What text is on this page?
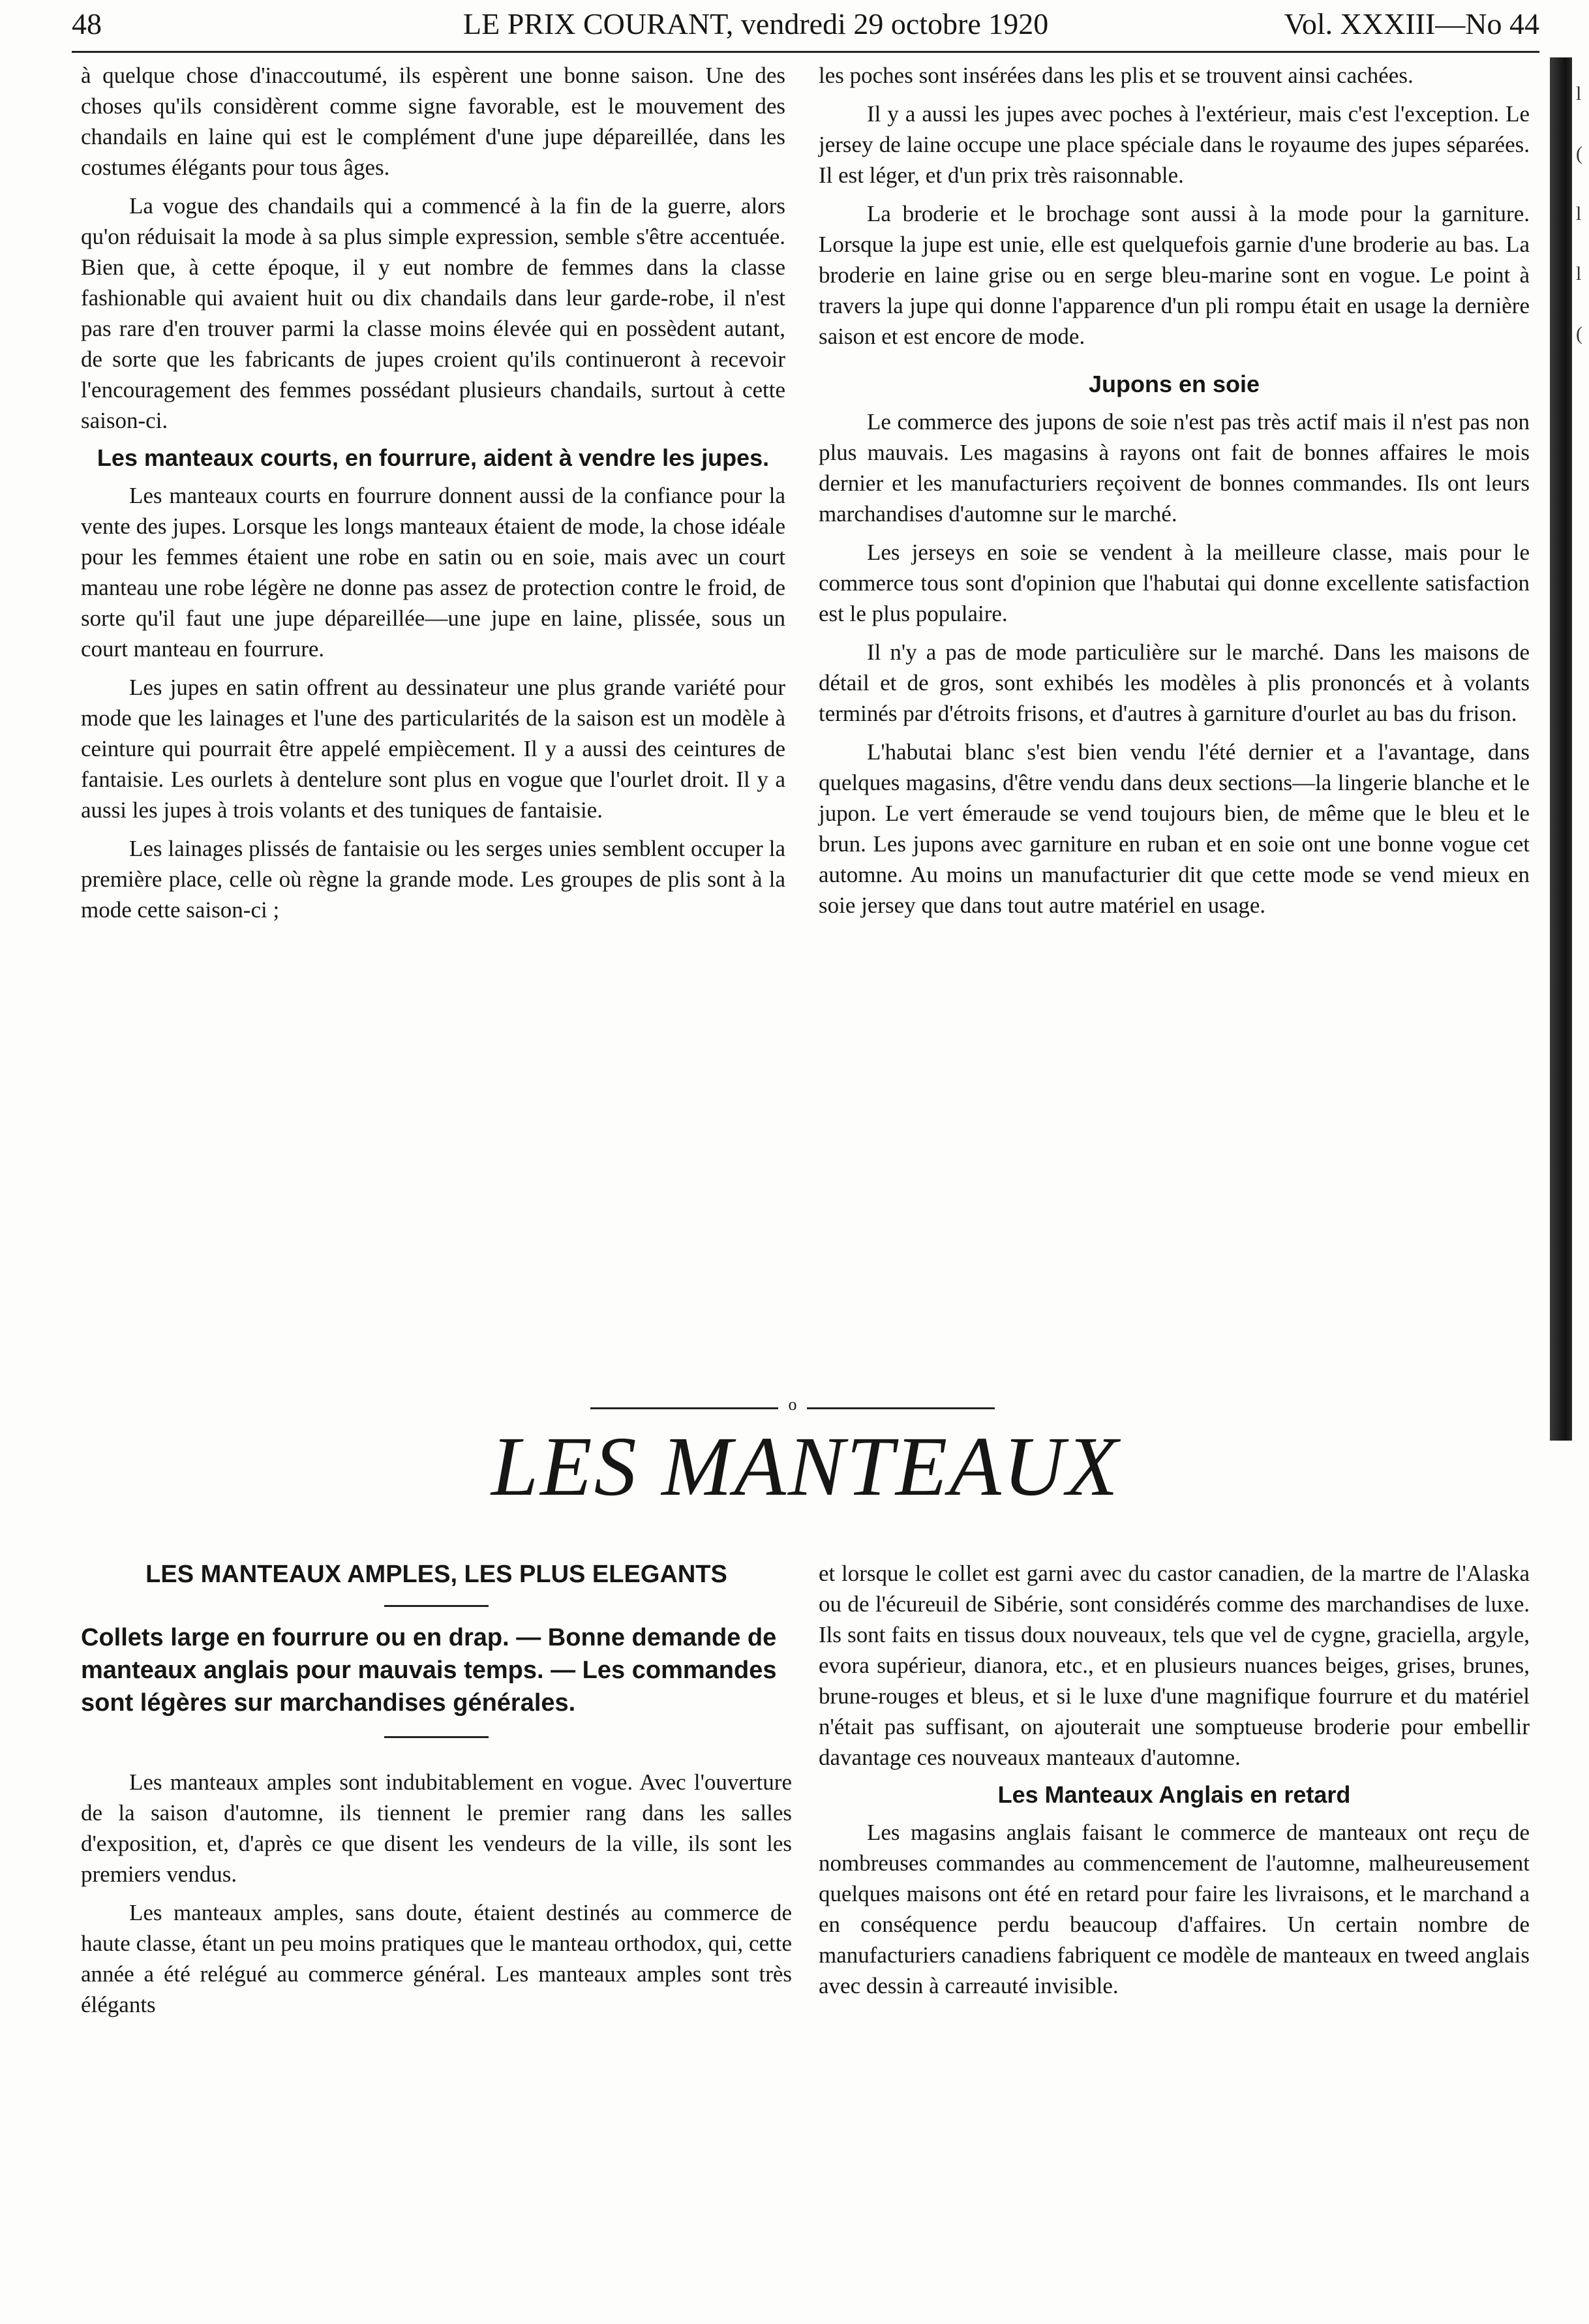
48	LE PRIX COURANT, vendredi 29 octobre 1920	Vol. XXXIII—No 44

à quelque chose d'inaccoutumé, ils espèrent une bonne saison. Une des choses qu'ils considèrent comme signe favorable, est le mouvement des chandails en laine qui est le complément d'une jupe dépareillée, dans les costumes élégants pour tous âges.

La vogue des chandails qui a commencé à la fin de la guerre, alors qu'on réduisait la mode à sa plus simple expression, semble s'être accentuée. Bien que, à cette époque, il y eut nombre de femmes dans la classe fashionable qui avaient huit ou dix chandails dans leur garde-robe, il n'est pas rare d'en trouver parmi la classe moins élevée qui en possèdent autant, de sorte que les fabricants de jupes croient qu'ils continueront à recevoir l'encouragement des femmes possédant plusieurs chandails, surtout à cette saison-ci.

Les manteaux courts, en fourrure, aident à vendre les jupes.

Les manteaux courts en fourrure donnent aussi de la confiance pour la vente des jupes. Lorsque les longs manteaux étaient de mode, la chose idéale pour les femmes étaient une robe en satin ou en soie, mais avec un court manteau une robe légère ne donne pas assez de protection contre le froid, de sorte qu'il faut une jupe dépareillée—une jupe en laine, plissée, sous un court manteau en fourrure.

Les jupes en satin offrent au dessinateur une plus grande variété pour mode que les lainages et l'une des particularités de la saison est un modèle à ceinture qui pourrait être appelé empiècement. Il y a aussi des ceintures de fantaisie. Les ourlets à dentelure sont plus en vogue que l'ourlet droit. Il y a aussi les jupes à trois volants et des tuniques de fantaisie.

Les lainages plissés de fantaisie ou les serges unies semblent occuper la première place, celle où règne la grande mode. Les groupes de plis sont à la mode cette saison-ci ;

les poches sont insérées dans les plis et se trouvent ainsi cachées.

Il y a aussi les jupes avec poches à l'extérieur, mais c'est l'exception. Le jersey de laine occupe une place spéciale dans le royaume des jupes séparées. Il est léger, et d'un prix très raisonnable.

La broderie et le brochage sont aussi à la mode pour la garniture. Lorsque la jupe est unie, elle est quelquefois garnie d'une broderie au bas. La broderie en laine grise ou en serge bleu-marine sont en vogue. Le point à travers la jupe qui donne l'apparence d'un pli rompu était en usage la dernière saison et est encore de mode.

Jupons en soie

Le commerce des jupons de soie n'est pas très actif mais il n'est pas non plus mauvais. Les magasins à rayons ont fait de bonnes affaires le mois dernier et les manufacturiers reçoivent de bonnes commandes. Ils ont leurs marchandises d'automne sur le marché.

Les jerseys en soie se vendent à la meilleure classe, mais pour le commerce tous sont d'opinion que l'habutai qui donne excellente satisfaction est le plus populaire.

Il n'y a pas de mode particulière sur le marché. Dans les maisons de détail et de gros, sont exhibés les modèles à plis prononcés et à volants terminés par d'étroits frisons, et d'autres à garniture d'ourlet au bas du frison.

L'habutai blanc s'est bien vendu l'été dernier et a l'avantage, dans quelques magasins, d'être vendu dans deux sections—la lingerie blanche et le jupon. Le vert émeraude se vend toujours bien, de même que le bleu et le brun. Les jupons avec garniture en ruban et en soie ont une bonne vogue cet automne. Au moins un manufacturier dit que cette mode se vend mieux en soie jersey que dans tout autre matériel en usage.

o
LES MANTEAUX

LES MANTEAUX AMPLES, LES PLUS ELEGANTS

Collets large en fourrure ou en drap. — Bonne demande de manteaux anglais pour mauvais temps. — Les commandes sont légères sur marchandises générales.

Les manteaux amples sont indubitablement en vogue. Avec l'ouverture de la saison d'automne, ils tiennent le premier rang dans les salles d'exposition, et, d'après ce que disent les vendeurs de la ville, ils sont les premiers vendus.

Les manteaux amples, sans doute, étaient destinés au commerce de haute classe, étant un peu moins pratiques que le manteau orthodox, qui, cette année a été relégué au commerce général. Les manteaux amples sont très élégants

et lorsque le collet est garni avec du castor canadien, de la martre de l'Alaska ou de l'écureuil de Sibérie, sont considérés comme des marchandises de luxe. Ils sont faits en tissus doux nouveaux, tels que vel de cygne, graciella, argyle, evora supérieur, dianora, etc., et en plusieurs nuances beiges, grises, brunes, brune-rouges et bleus, et si le luxe d'une magnifique fourrure et du matériel n'était pas suffisant, on ajouterait une somptueuse broderie pour embellir davantage ces nouveaux manteaux d'automne.

Les Manteaux Anglais en retard

Les magasins anglais faisant le commerce de manteaux ont reçu de nombreuses commandes au commencement de l'automne, malheureusement quelques maisons ont été en retard pour faire les livraisons, et le marchand a en conséquence perdu beaucoup d'affaires. Un certain nombre de manufacturiers canadiens fabriquent ce modèle de manteaux en tweed anglais avec dessin à carreauté invisible.

l
(
l
l
(
